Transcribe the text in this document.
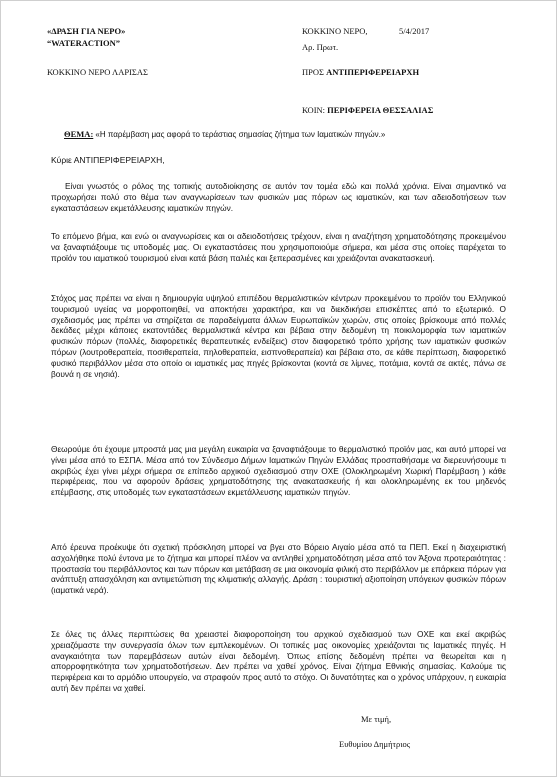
«ΔΡΑΣΗ ΓΙΑ ΝΕΡΟ»
“WATERACTION”
ΚΟΚΚΙΝΟ ΝΕΡΟ ΛΑΡΙΣΑΣ
ΚΟΚΚΙΝΟ ΝΕΡΟ,	5/4/2017
Αρ. Πρωτ.
ΠΡΟΣ ΑΝΤΙΠΕΡΙΦΕΡΕΙΑΡΧΗ
ΚΟΙΝ: ΠΕΡΙΦΕΡΕΙΑ ΘΕΣΣΑΛΙΑΣ
ΘΕΜΑ: «Η παρέμβαση μας αφορά το τεράστιας σημασίας ζήτημα των Ιαματικών πηγών.»
Κύριε ΑΝΤΙΠΕΡΙΦΕΡΕΙΑΡΧΗ,

Είναι γνωστός ο ρόλος της τοπικής αυτοδιοίκησης σε αυτόν τον τομέα εδώ και πολλά χρόνια. Είναι σημαντικό να προχωρήσει πολύ στο θέμα των αναγνωρίσεων των φυσικών μας πόρων ως ιαματικών, και των αδειοδοτήσεων των εγκαταστάσεων εκμετάλλευσης ιαματικών πηγών.

Το επόμενο βήμα, και ενώ οι αναγνωρίσεις και οι αδειοδοτήσεις τρέχουν, είναι η αναζήτηση χρηματοδότησης προκειμένου να ξαναφτιάξουμε τις υποδομές μας. Οι εγκαταστάσεις που χρησιμοποιούμε σήμερα, και μέσα στις οποίες παρέχεται το προϊόν του ιαματικού τουρισμού είναι κατά βάση παλιές και ξεπερασμένες και χρειάζονται ανακατασκευή.

Στόχος μας πρέπει να είναι η δημιουργία υψηλού επιπέδου θερμαλιστικών κέντρων προκειμένου το προϊόν του Ελληνικού τουρισμού υγείας να μορφοποιηθεί, να αποκτήσει χαρακτήρα, και να διεκδικήσει επισκέπτες από το εξωτερικό. Ο σχεδιασμός μας πρέπει να στηρίζεται σε παραδείγματα άλλων Ευρωπαϊκών χωρών, στις οποίες βρίσκουμε από πολλές δεκάδες μέχρι κάποιες εκατοντάδες θερμαλιστικά κέντρα και βέβαια στην δεδομένη τη ποικιλομορφία των ιαματικών φυσικών πόρων (πολλές, διαφορετικές θεραπευτικές ενδείξεις) στον διαφορετικό τρόπο χρήσης των ιαματικών φυσικών πόρων (λουτροθεραπεία, ποσιθεραπεία, πηλοθεραπεία, εισπνοθεραπεία) και βέβαια στο, σε κάθε περίπτωση, διαφορετικό φυσικό περιβάλλον μέσα στο οποίο οι ιαματικές μας πηγές βρίσκονται (κοντά σε λίμνες, ποτάμια, κοντά σε ακτές, πάνω σε βουνά η σε νησιά).

Θεωρούμε ότι έχουμε μπροστά μας μια μεγάλη ευκαιρία να ξαναφτιάξουμε το θερμαλιστικό προϊόν μας, και αυτό μπορεί να γίνει μέσα από το ΕΣΠΑ. Μέσα από τον Σύνδεσμο Δήμων Ιαματικών Πηγών Ελλάδας προσπαθήσαμε να διερευνήσουμε τι ακριβώς έχει γίνει μέχρι σήμερα σε επίπεδο αρχικού σχεδιασμού στην ΟΧΕ (Ολοκληρωμένη Χωρική Παρέμβαση ) κάθε περιφέρειας, που να αφορούν δράσεις χρηματοδότησης της ανακατασκευής ή και ολοκληρωμένης εκ του μηδενός επέμβασης, στις υποδομές των εγκαταστάσεων εκμετάλλευσης ιαματικών πηγών.

Από έρευνα προέκυψε ότι σχετική πρόσκληση μπορεί να βγει στο Βόρειο Αιγαίο μέσα από τα ΠΕΠ. Εκεί η διαχειριστική ασχολήθηκε πολύ έντονα με το ζήτημα και μπορεί πλέον να αντληθεί χρηματοδότηση μέσα από τον Άξονα προτεραιότητας : προστασία του περιβάλλοντος και των πόρων και μετάβαση σε μια οικονομία φιλική στο περιβάλλον με επάρκεια πόρων για ανάπτυξη απασχόληση και αντιμετώπιση της κλιματικής αλλαγής. Δράση : τουριστική αξιοποίηση υπόγειων φυσικών πόρων (ιαματικά νερά).

Σε όλες τις άλλες περιπτώσεις θα χρειαστεί διαφοροποίηση του αρχικού σχεδιασμού των ΟΧΕ και εκεί ακριβώς χρειαζόμαστε την συνεργασία όλων των εμπλεκομένων. Οι τοπικές μας οικονομίες χρειάζονται τις Ιαματικές πηγές. Η αναγκαιότητα των παρεμβάσεων αυτών είναι δεδομένη. Όπως επίσης δεδομένη πρέπει να θεωρείται και η απορροφητικότητα των χρηματοδοτήσεων. Δεν πρέπει να χαθεί χρόνος. Είναι ζήτημα Εθνικής σημασίας. Καλούμε τις περιφέρεια και το αρμόδιο υπουργείο, να στραφούν προς αυτό το στόχο. Οι δυνατότητες και ο χρόνος υπάρχουν, η ευκαιρία αυτή δεν πρέπει να χαθεί.

Με τιμή,
Ευθυμίου Δημήτριος
